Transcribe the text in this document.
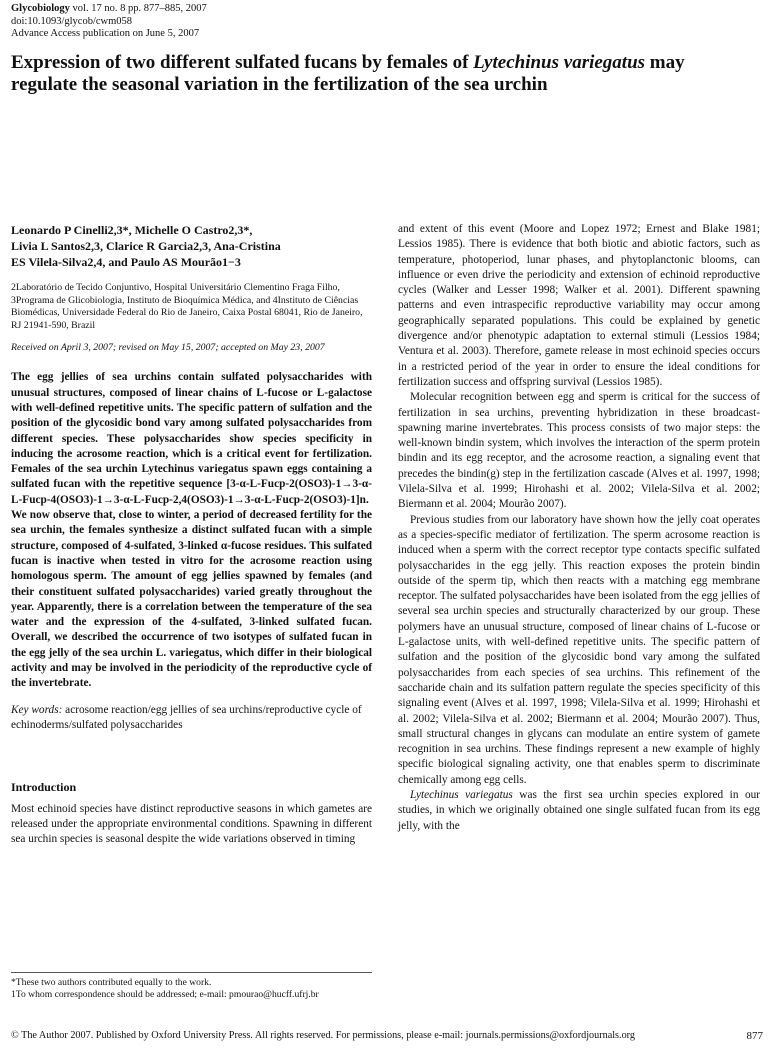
Glycobiology vol. 17 no. 8 pp. 877–885, 2007
doi:10.1093/glycob/cwm058
Advance Access publication on June 5, 2007
Expression of two different sulfated fucans by females of Lytechinus variegatus may regulate the seasonal variation in the fertilization of the sea urchin
Leonardo P Cinelli2,3*, Michelle O Castro2,3*,
Livia L Santos2,3, Clarice R Garcia2,3, Ana-Cristina
ES Vilela-Silva2,4, and Paulo AS Mourão1−3
2Laboratório de Tecido Conjuntivo, Hospital Universitário Clementino Fraga Filho, 3Programa de Glicobiologia, Instituto de Bioquímica Médica, and 4Instituto de Ciências Biomédicas, Universidade Federal do Rio de Janeiro, Caixa Postal 68041, Rio de Janeiro, RJ 21941-590, Brazil
Received on April 3, 2007; revised on May 15, 2007; accepted on May 23, 2007

The egg jellies of sea urchins contain sulfated polysaccharides with unusual structures, composed of linear chains of L-fucose or L-galactose with well-defined repetitive units. The specific pattern of sulfation and the position of the glycosidic bond vary among sulfated polysaccharides from different species. These polysaccharides show species specificity in inducing the acrosome reaction, which is a critical event for fertilization. Females of the sea urchin Lytechinus variegatus spawn eggs containing a sulfated fucan with the repetitive sequence [3-α-L-Fucp-2(OSO3)-1→3-α-L-Fucp-4(OSO3)-1→3-α-L-Fucp-2,4(OSO3)-1→3-α-L-Fucp-2(OSO3)-1]n. We now observe that, close to winter, a period of decreased fertility for the sea urchin, the females synthesize a distinct sulfated fucan with a simple structure, composed of 4-sulfated, 3-linked α-fucose residues. This sulfated fucan is inactive when tested in vitro for the acrosome reaction using homologous sperm. The amount of egg jellies spawned by females (and their constituent sulfated polysaccharides) varied greatly throughout the year. Apparently, there is a correlation between the temperature of the sea water and the expression of the 4-sulfated, 3-linked sulfated fucan. Overall, we described the occurrence of two isotypes of sulfated fucan in the egg jelly of the sea urchin L. variegatus, which differ in their biological activity and may be involved in the periodicity of the reproductive cycle of the invertebrate.

Key words: acrosome reaction/egg jellies of sea urchins/reproductive cycle of echinoderms/sulfated polysaccharides
Introduction

Most echinoid species have distinct reproductive seasons in which gametes are released under the appropriate environmental conditions. Spawning in different sea urchin species is seasonal despite the wide variations observed in timing

and extent of this event (Moore and Lopez 1972; Ernest and Blake 1981; Lessios 1985). There is evidence that both biotic and abiotic factors, such as temperature, photoperiod, lunar phases, and phytoplanctonic blooms, can influence or even drive the periodicity and extension of echinoid reproductive cycles (Walker and Lesser 1998; Walker et al. 2001). Different spawning patterns and even intraspecific reproductive variability may occur among geographically separated populations. This could be explained by genetic divergence and/or phenotypic adaptation to external stimuli (Lessios 1984; Ventura et al. 2003). Therefore, gamete release in most echinoid species occurs in a restricted period of the year in order to ensure the ideal conditions for fertilization success and offspring survival (Lessios 1985).

Molecular recognition between egg and sperm is critical for the success of fertilization in sea urchins, preventing hybridization in these broadcast-spawning marine invertebrates. This process consists of two major steps: the well-known bindin system, which involves the interaction of the sperm protein bindin and its egg receptor, and the acrosome reaction, a signaling event that precedes the bindin(g) step in the fertilization cascade (Alves et al. 1997, 1998; Vilela-Silva et al. 1999; Hirohashi et al. 2002; Vilela-Silva et al. 2002; Biermann et al. 2004; Mourão 2007).

Previous studies from our laboratory have shown how the jelly coat operates as a species-specific mediator of fertilization. The sperm acrosome reaction is induced when a sperm with the correct receptor type contacts specific sulfated polysaccharides in the egg jelly. This reaction exposes the protein bindin outside of the sperm tip, which then reacts with a matching egg membrane receptor. The sulfated polysaccharides have been isolated from the egg jellies of several sea urchin species and structurally characterized by our group. These polymers have an unusual structure, composed of linear chains of L-fucose or L-galactose units, with well-defined repetitive units. The specific pattern of sulfation and the position of the glycosidic bond vary among the sulfated polysaccharides from each species of sea urchins. This refinement of the saccharide chain and its sulfation pattern regulate the species specificity of this signaling event (Alves et al. 1997, 1998; Vilela-Silva et al. 1999; Hirohashi et al. 2002; Vilela-Silva et al. 2002; Biermann et al. 2004; Mourão 2007). Thus, small structural changes in glycans can modulate an entire system of gamete recognition in sea urchins. These findings represent a new example of highly specific biological signaling activity, one that enables sperm to discriminate chemically among egg cells.

Lytechinus variegatus was the first sea urchin species explored in our studies, in which we originally obtained one single sulfated fucan from its egg jelly, with the

*These two authors contributed equally to the work.
1To whom correspondence should be addressed; e-mail: pmourao@hucff.ufrj.br
© The Author 2007. Published by Oxford University Press. All rights reserved. For permissions, please e-mail: journals.permissions@oxfordjournals.org	877
